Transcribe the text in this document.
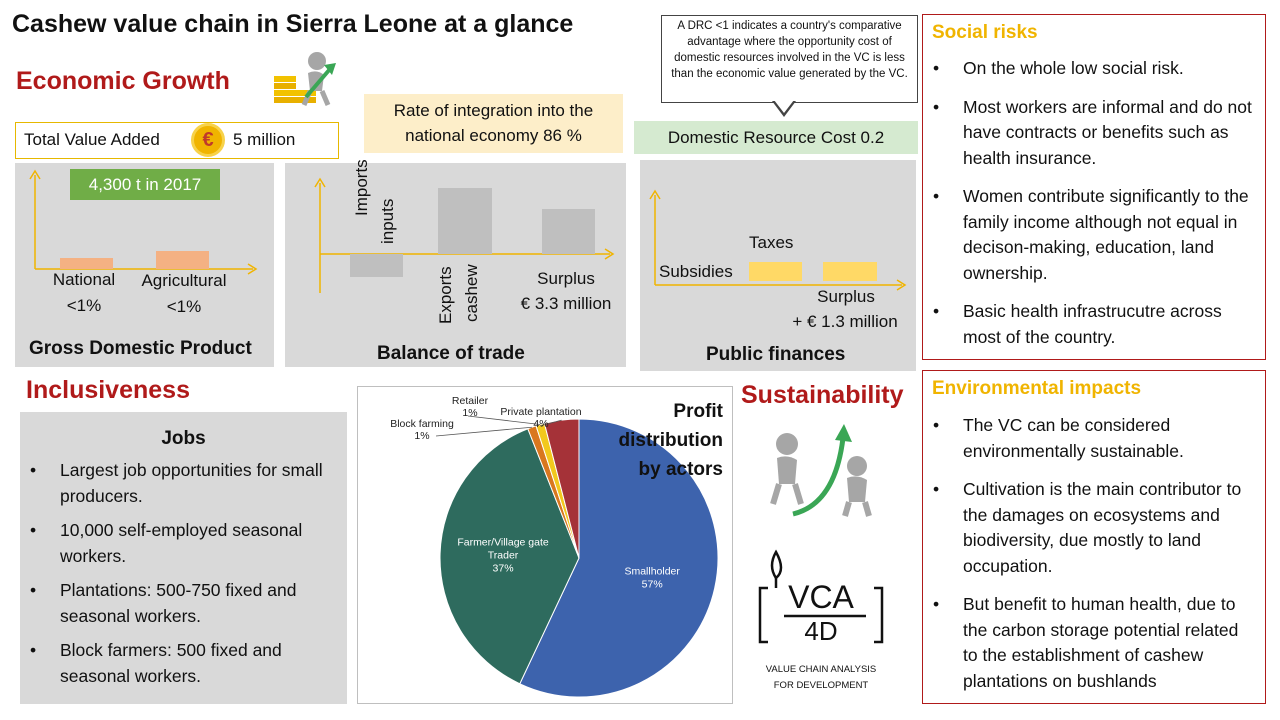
Cashew value chain in Sierra Leone at a glance
Economic Growth
Total Value Added	€	5 million
Rate of integration into the national economy 86 %
A DRC <1 indicates a country's comparative advantage where the opportunity cost of domestic resources involved in the VC is less than the economic value generated by the VC.
Domestic Resource Cost 0.2
4,300 t in 2017
National
<1%
Agricultural
<1%
Gross Domestic Product
Imports
inputs
Exports cashew	Surplus
€ 3.3 million
Balance of trade
Taxes
Subsidies
Surplus
+ € 1.3 million
Public finances
Inclusiveness
Jobs
• Largest job opportunities for small producers.
• 10,000 self-employed seasonal workers.
• Plantations: 500-750 fixed and seasonal workers.
• Block farmers: 500 fixed and seasonal workers.
Smallholder
57%
Farmer/Village gate
Trader
37%
Block farming
1%
Retailer
1% Private plantation
4%
Profit distribution by actors
Sustainability
VCA
4D
VALUE CHAIN ANALYSIS
FOR DEVELOPMENT
Social risks
• On the whole low social risk.
• Most workers are informal and do not have contracts or benefits such as health insurance.
• Women contribute significantly to the family income although not equal in decison-making, education, land ownership.
• Basic health infrastrucutre across most of the country.
Environmental impacts
• The VC can be considered environmentally sustainable.
• Cultivation is the main contributor to the damages on ecosystems and biodiversity, due mostly to land occupation.
• But benefit to human health, due to the carbon storage potential related to the establishment of cashew plantations on bushlands
